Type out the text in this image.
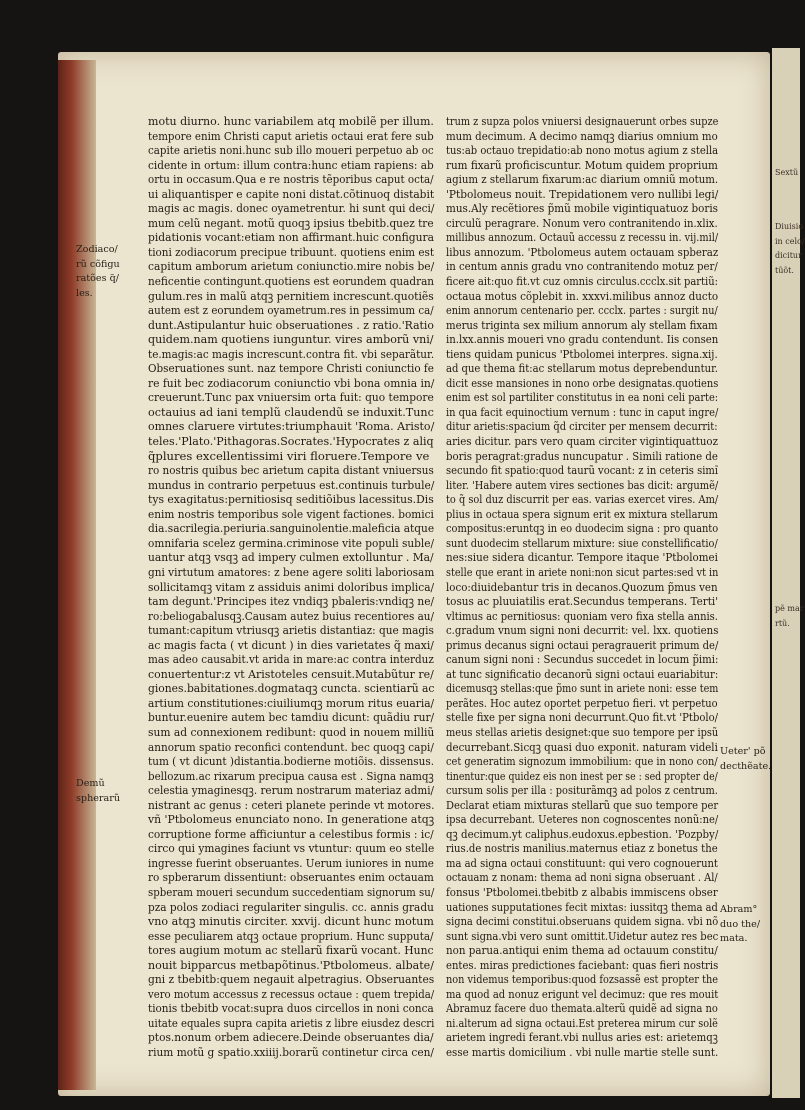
motu diurno. hunc variabilem atq mobilẽ per illum.
tempore enim Christi caput arietis octaui erat fere sub
capite arietis noni.hunc sub illo moueri perpetuo ab oc
cidente in ortum: illum contra:hunc etiam rapiens: ab
ortu in occasum.Qua e re nostris tẽporibus caput octa/
ui aliquantisper e capite noni distat.cõtinuoq distabit
magis ac magis. donec oyametrentur. hi sunt qui deci/
mum celũ negant. motũ quoqꝫ ipsius tbebitb.quez tre
pidationis vocant:etiam non affirmant.huic configura
tioni zodiacorum precipue tribuunt. quotiens enim est
capitum amborum arietum coniunctio.mire nobis be/
neficentie contingunt.quotiens est eorundem quadran
gulum.res in malũ atqꝫ pernitiem increscunt.quotiẽs
autem est z eorundem oyametrum.res in pessimum ca/
dunt.Astipulantur huic obseruationes . z ratio.'Ratio
quidem.nam quotiens iunguntur. vires amborũ vni/
te.magis:ac magis increscunt.contra fit. vbi separãtur.
Obseruationes sunt. naz tempore Christi coniunctio fe
re fuit bec zodiacorum coniunctio vbi bona omnia in/
creuerunt.Tunc pax vniuersim orta fuit: quo tempore
octauius ad iani templũ claudendũ se induxit.Tunc
omnes claruere virtutes:triumphauit 'Roma. Aristo/
teles.'Plato.'Pithagoras.Socrates.'Hypocrates z aliq
q̃plures excellentissimi viri floruere.Tempore ve
ro nostris quibus bec arietum capita distant vniuersus
mundus in contrario perpetuus est.continuis turbule/
tys exagitatus:pernitiosisq seditiõibus lacessitus.Dis
enim nostris temporibus sole vigent factiones. bomici
dia.sacrilegia.periuria.sanguinolentie.maleficia atque
omnifaria scelez germina.criminose vite populi suble/
uantur atqꝫ vsqꝫ ad impery culmen extolluntur . Ma/
gni virtutum amatores: z bene agere soliti laboriosam
sollicitamqꝫ vitam z assiduis animi doloribus implica/
tam degunt.'Principes itez vndiqꝫ pbaleris:vndiqꝫ ne/
ro:beliogabalusqꝫ.Causam autez buius recentiores au/
tumant:capitum vtriusqꝫ arietis distantiaz: que magis
ac magis facta ( vt dicunt ) in dies varietates q̃ maxi/
mas adeo causabit.vt arida in mare:ac contra interduz
conuertentur:z vt Aristoteles censuit.Mutabũtur re/
giones.babitationes.dogmataqꝫ cuncta. scientiarũ ac
artium constitutiones:ciuiliumqꝫ morum ritus euaria/
buntur.euenire autem bec tamdiu dicunt: quãdiu rur/
sum ad connexionem redibunt: quod in nouem milliũ
annorum spatio reconfici contendunt. bec quoqꝫ capi/
tum ( vt dicunt )distantia.bodierne motiõis. dissensus.
bellozum.ac rixarum precipua causa est . Signa namqꝫ
celestia ymaginesqꝫ. rerum nostrarum materiaz admi/
nistrant ac genus : ceteri planete perinde vt motores.
vñ 'Ptbolomeus enunciato nono. In generatione atqꝫ
corruptione forme afficiuntur a celestibus formis : ic/
circo qui ymagines faciunt vs vtuntur: quum eo stelle
ingresse fuerint obseruantes. Uerum iuniores in nume
ro spberarum dissentiunt: obseruantes enim octauam
spberam moueri secundum succedentiam signorum su/
pza polos zodiaci regulariter singulis. cc. annis gradu
vno atqꝫ minutis circiter. xxvij. dicunt hunc motum
esse peculiarem atqꝫ octaue proprium. Hunc supputa/
tores augium motum ac stellarũ fixarũ vocant. Hunc
nouit bipparcus metbapõtinus.'Ptbolomeus. albate/
gni z tbebitb:quem negauit alpetragius. Obseruantes
vero motum accessus z recessus octaue : quem trepida/
tionis tbebitb vocat:supra duos circellos in noni conca
uitate equales supra capita arietis z libre eiusdez descri
ptos.nonum orbem adiecere.Deinde obseruantes dia/
rium motũ g spatio.xxiiij.borarũ continetur circa cen/
trum z supza polos vniuersi designauerunt orbes supze
mum decimum. A decimo namqꝫ diarius omnium mo
tus:ab octauo trepidatio:ab nono motus agium z stella
rum fixarũ proficiscuntur. Motum quidem proprium
agium z stellarum fixarum:ac diarium omniũ motum.
'Ptbolomeus nouit. Trepidationem vero nullibi legi/
mus.Aly recẽtiores p̃mũ mobile vigintiquatuoz boris
circulũ peragrare. Nonum vero contranitendo in.xlix.
millibus annozum. Octauũ accessu z recessu in. vij.mil/
libus annozum. 'Ptbolomeus autem octauam spberaz
in centum annis gradu vno contranitendo motuz per/
ficere ait:quo fit.vt cuz omnis circulus.ccclx.sit partiũ:
octaua motus cõplebit in. xxxvi.milibus annoz ducto
enim annorum centenario per. ccclx. partes : surgit nu/
merus triginta sex milium annorum aly stellam fixam
in.lxx.annis moueri vno gradu contendunt. Iis consen
tiens quidam punicus 'Ptbolomei interpres. signa.xij.
ad que thema fit:ac stellarum motus deprebenduntur.
dicit esse mansiones in nono orbe designatas.quotiens
enim est sol partiliter constitutus in ea noni celi parte:
in qua facit equinoctium vernum : tunc in caput ingre/
ditur arietis:spacium q̃d circiter per mensem decurrit:
aries dicitur. pars vero quam circiter vigintiquattuoz
boris peragrat:gradus nuncupatur . Simili ratione de
secundo fit spatio:quod taurũ vocant: z in ceteris simĩ
liter. 'Habere autem vires sectiones bas dicit: argumẽ/
to q̃ sol duz discurrit per eas. varias exercet vires. Am/
plius in octaua spera signum erit ex mixtura stellarum
compositus:eruntqꝫ in eo duodecim signa : pro quanto
sunt duodecim stellarum mixture: siue constellificatio/
nes:siue sidera dicantur. Tempore itaque 'Ptbolomei
stelle que erant in ariete noni:non sicut partes:sed vt in
loco:diuidebantur tris in decanos.Quozum p̃mus ven
tosus ac pluuiatilis erat.Secundus temperans. Terti'
vltimus ac pernitiosus: quoniam vero fixa stella annis.
c.gradum vnum signi noni decurrit: vel. lxx. quotiens
primus decanus signi octaui peragrauerit primum de/
canum signi noni : Secundus succedet in locum p̃imi:
at tunc significatio decanorũ signi octaui euariabitur:
dicemusqꝫ stellas:que p̃mo sunt in ariete noni: esse tem
perãtes. Hoc autez oportet perpetuo fieri. vt perpetuo
stelle fixe per signa noni decurrunt.Quo fit.vt 'Ptbolo/
meus stellas arietis designet:que suo tempore per ipsũ
decurrebant.Sicqꝫ quasi duo exponit. naturam videli
cet generatim signozum immobilium: que in nono con/
tinentur:que quidez eis non inest per se : sed propter de/
cursum solis per illa : positurãmqꝫ ad polos z centrum.
Declarat etiam mixturas stellarũ que suo tempore per
ipsa decurrebant. Ueteres non cognoscentes nonũ:ne/
qꝫ decimum.yt caliphus.eudoxus.epbestion. 'Pozpby/
rius.de nostris manilius.maternus etiaz z bonetus the
ma ad signa octaui constituunt: qui vero cognouerunt
octauam z nonam: thema ad noni signa obseruant . Al/
fonsus 'Ptbolomei.tbebitb z albabis immiscens obser
uationes supputationes fecit mixtas: iussitqꝫ thema ad
signa decimi constitui.obseruans quidem signa. vbi nõ
sunt signa.vbi vero sunt omittit.Uidetur autez res bec
non parua.antiqui enim thema ad octauum constitu/
entes. miras predictiones faciebant: quas fieri nostris
non videmus temporibus:quod fozsassẽ est propter the
ma quod ad nonuz erigunt vel decimuz: que res mouit
Abramuz facere duo themata.alterũ quidẽ ad signa no
ni.alterum ad signa octaui.Est preterea mirum cur solẽ
arietem ingredi ferant.vbi nullus aries est: arietemqꝫ
esse martis domicilium . vbi nulle martie stelle sunt.
Zodiaco/
rũ cõfigu
ratões q̃/
les.
Demũ
spherarũ
Ueter' põ
decthẽate.
Abram°
duo the/
mata.
Sextũ
Diuisio
in celo/
dicitur
tũõt.
pẽ mar
rtũ.
